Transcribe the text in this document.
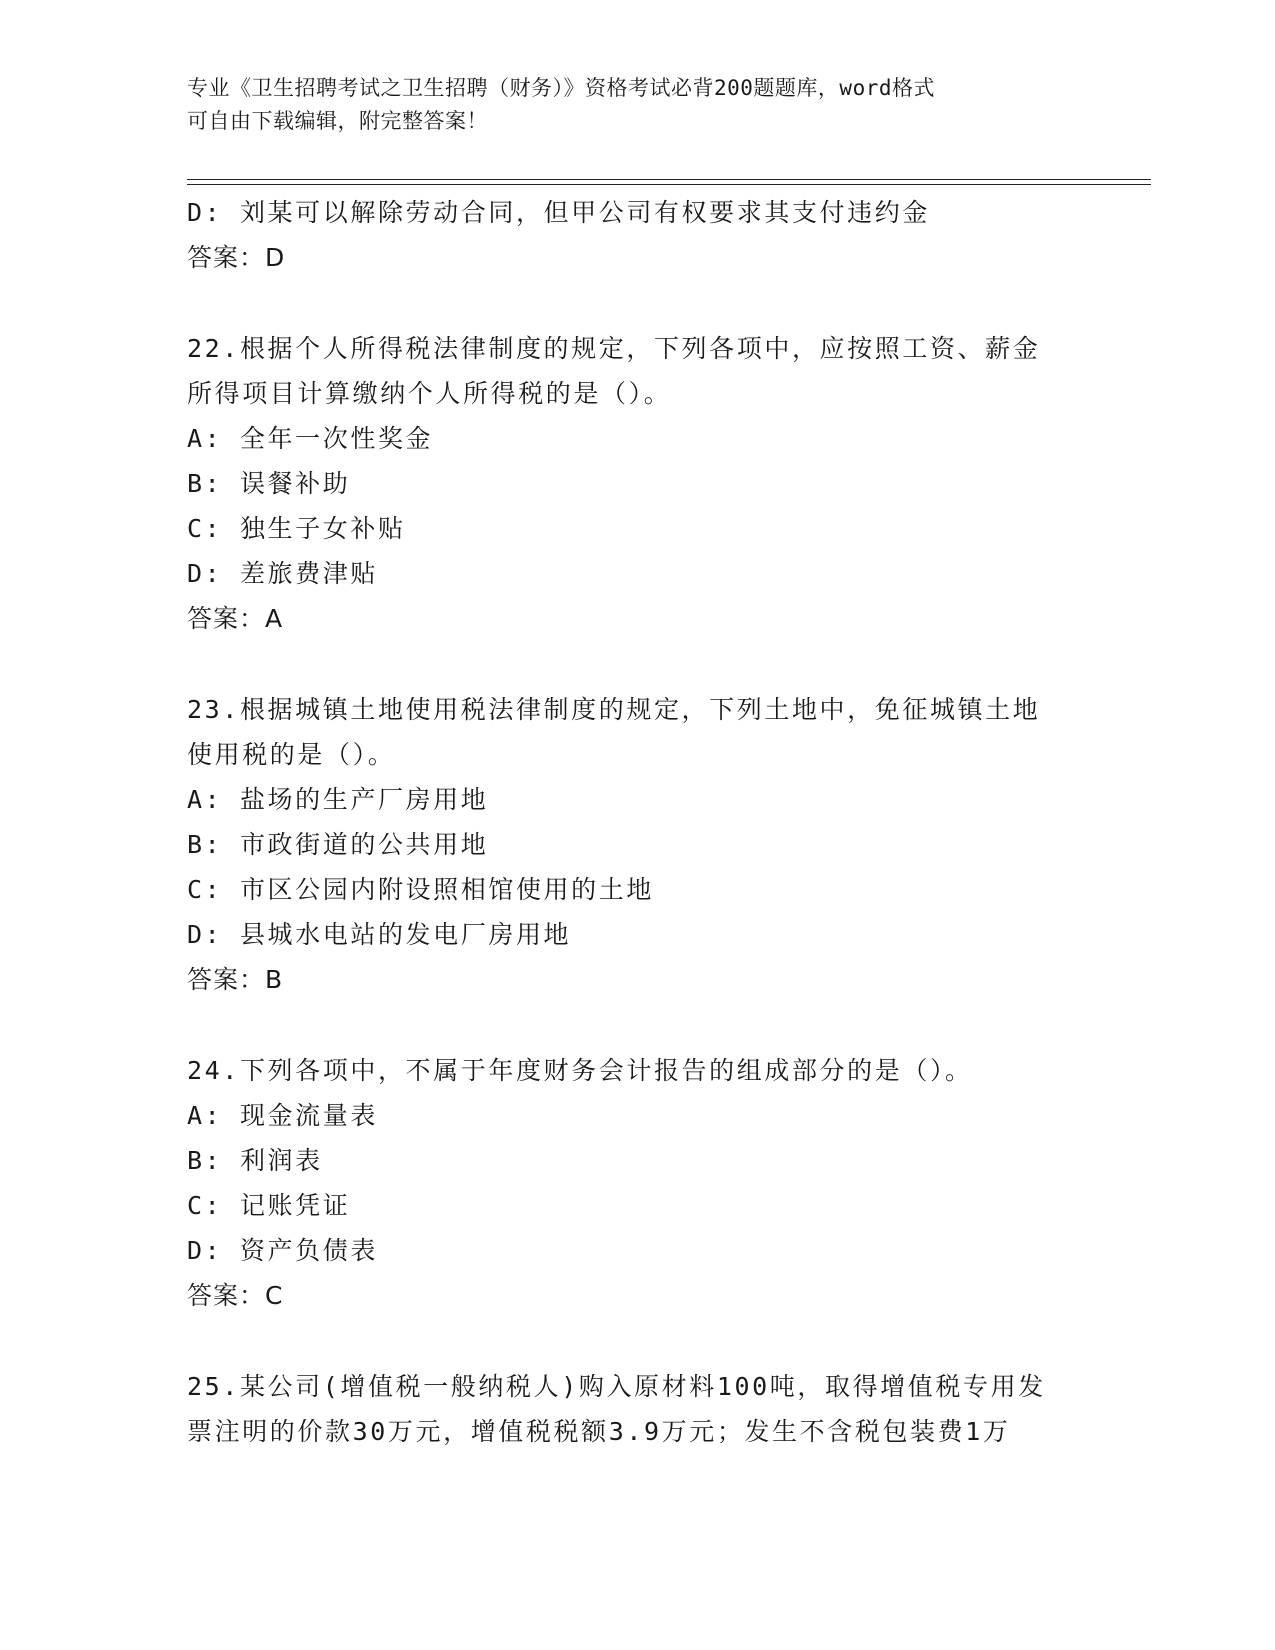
专业《卫生招聘考试之卫生招聘（财务）》资格考试必背200题题库，word格式
可自由下载编辑，附完整答案！
D: 刘某可以解除劳动合同，但甲公司有权要求其支付违约金
答案：D
22.根据个人所得税法律制度的规定，下列各项中，应按照工资、薪金
所得项目计算缴纳个人所得税的是（）。
A: 全年一次性奖金
B: 误餐补助
C: 独生子女补贴
D: 差旅费津贴
答案：A
23.根据城镇土地使用税法律制度的规定，下列土地中，免征城镇土地
使用税的是（）。
A: 盐场的生产厂房用地
B: 市政街道的公共用地
C: 市区公园内附设照相馆使用的土地
D: 县城水电站的发电厂房用地
答案：B
24.下列各项中，不属于年度财务会计报告的组成部分的是（）。
A: 现金流量表
B: 利润表
C: 记账凭证
D: 资产负债表
答案：C
25.某公司(增值税一般纳税人)购入原材料100吨，取得增值税专用发
票注明的价款30万元，增值税税额3.9万元；发生不含税包装费1万
